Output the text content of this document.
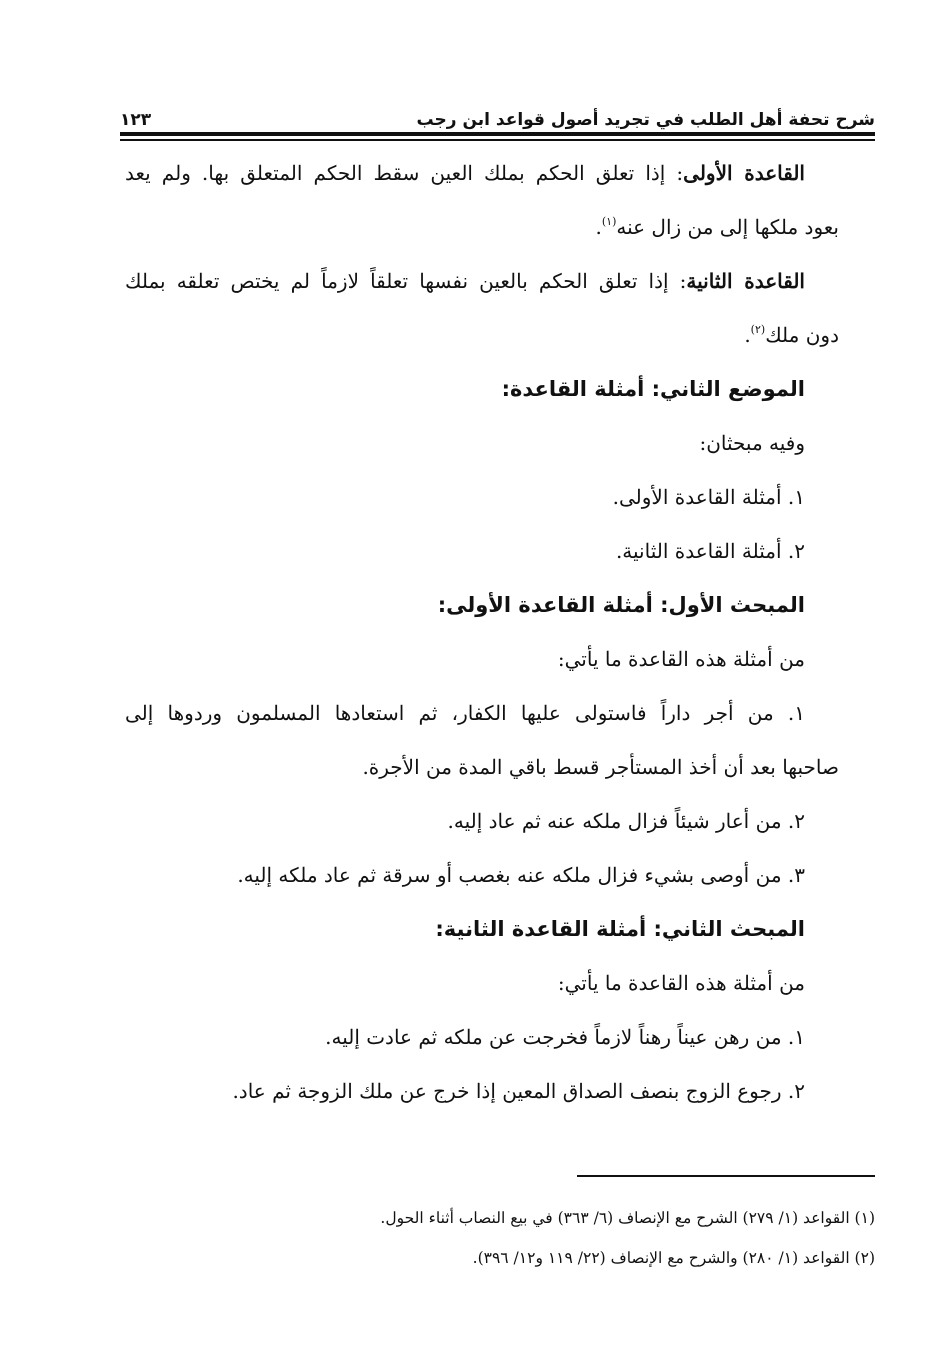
شرح تحفة أهل الطلب في تجريد أصول قواعد ابن رجب
١٢٣

القاعدة الأولى: إذا تعلق الحكم بملك العين سقط الحكم المتعلق بها. ولم يعد

بعود ملكها إلى من زال عنه$^{(١)}$.

القاعدة الثانية: إذا تعلق الحكم بالعين نفسها تعلقاً لازماً لم يختص تعلقه بملك

دون ملك$^{(٢)}$.

الموضع الثاني: أمثلة القاعدة:

وفيه مبحثان:

١. أمثلة القاعدة الأولى.

٢. أمثلة القاعدة الثانية.

المبحث الأول: أمثلة القاعدة الأولى:

من أمثلة هذه القاعدة ما يأتي:

١. من أجر داراً فاستولى عليها الكفار، ثم استعادها المسلمون وردوها إلى

صاحبها بعد أن أخذ المستأجر قسط باقي المدة من الأجرة.

٢. من أعار شيئاً فزال ملكه عنه ثم عاد إليه.

٣. من أوصى بشيء فزال ملكه عنه بغصب أو سرقة ثم عاد ملكه إليه.

المبحث الثاني: أمثلة القاعدة الثانية:

من أمثلة هذه القاعدة ما يأتي:

١. من رهن عيناً رهناً لازماً فخرجت عن ملكه ثم عادت إليه.

٢. رجوع الزوج بنصف الصداق المعين إذا خرج عن ملك الزوجة ثم عاد.

(١) القواعد (١/ ٢٧٩) الشرح مع الإنصاف (٦/ ٣٦٣) في بيع النصاب أثناء الحول.

(٢) القواعد (١/ ٢٨٠) والشرح مع الإنصاف (٢٢/ ١١٩ و١٢/ ٣٩٦).
